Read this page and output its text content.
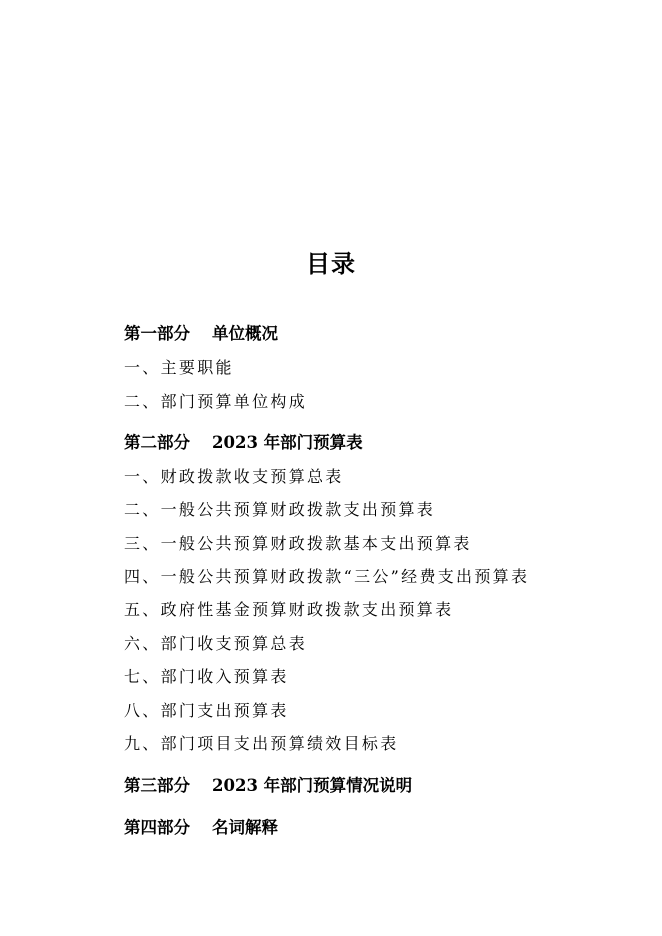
目录
第一部分 单位概况
一、主要职能
二、部门预算单位构成
第二部分 2023 年部门预算表
一、财政拨款收支预算总表
二、一般公共预算财政拨款支出预算表
三、一般公共预算财政拨款基本支出预算表
四、一般公共预算财政拨款“三公”经费支出预算表
五、政府性基金预算财政拨款支出预算表
六、部门收支预算总表
七、部门收入预算表
八、部门支出预算表
九、部门项目支出预算绩效目标表
第三部分 2023 年部门预算情况说明
第四部分 名词解释
